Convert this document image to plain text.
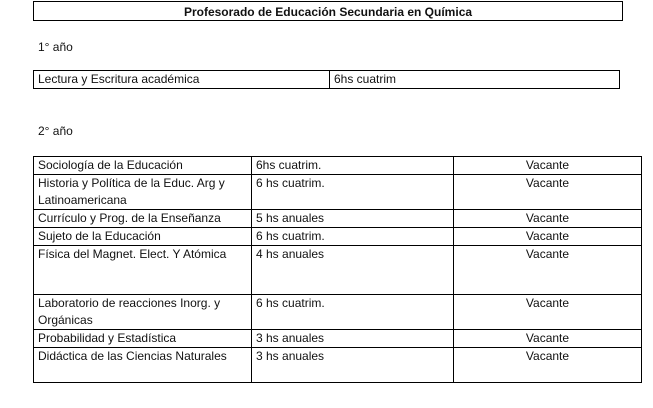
Profesorado de Educación Secundaria en Química
1° año
Lectura y Escritura académica	6hs cuatrim
2° año
Sociología de la Educación	6hs cuatrim.	Vacante
Historia y Política de la Educ. Arg y Latinoamericana	6 hs cuatrim.	Vacante
Currículo y Prog. de la Enseñanza	5 hs anuales	Vacante
Sujeto de la Educación	6 hs cuatrim.	Vacante
Física del Magnet. Elect. Y Atómica	4 hs anuales	Vacante
Laboratorio de reacciones Inorg. y Orgánicas	6 hs cuatrim.	Vacante
Probabilidad y Estadística	3 hs anuales	Vacante
Didáctica de las Ciencias Naturales	3 hs anuales	Vacante
